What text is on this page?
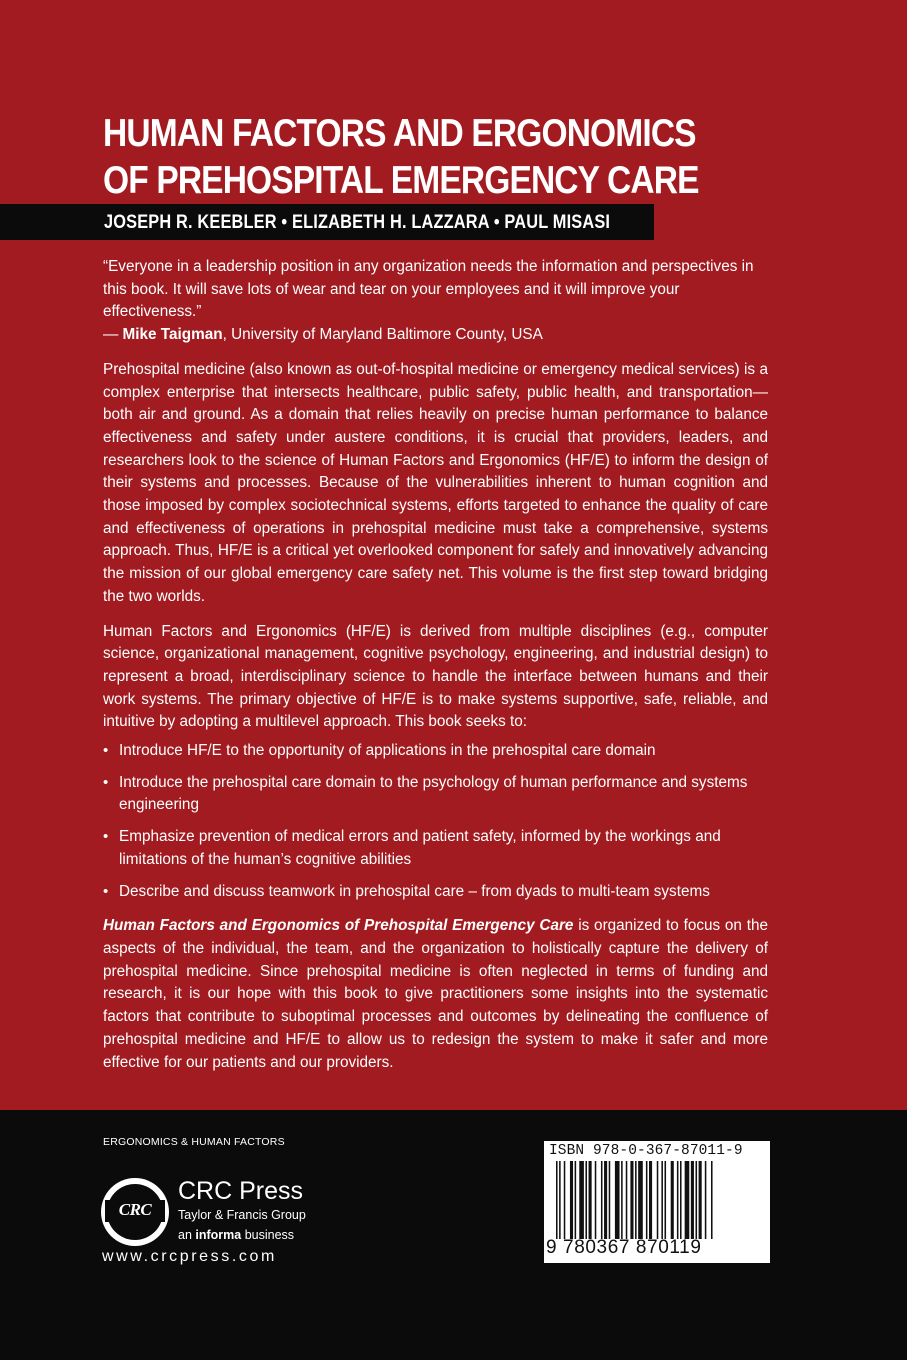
HUMAN FACTORS AND ERGONOMICS
OF PREHOSPITAL EMERGENCY CARE
JOSEPH R. KEEBLER • ELIZABETH H. LAZZARA • PAUL MISASI

“Everyone in a leadership position in any organization needs the information and perspectives in this book. It will save lots of wear and tear on your employees and it will improve your effectiveness.”

— Mike Taigman, University of Maryland Baltimore County, USA

Prehospital medicine (also known as out-of-hospital medicine or emergency medical services) is a complex enterprise that intersects healthcare, public safety, public health, and transportation—both air and ground. As a domain that relies heavily on precise human performance to balance effectiveness and safety under austere conditions, it is crucial that providers, leaders, and researchers look to the science of Human Factors and Ergonomics (HF/E) to inform the design of their systems and processes. Because of the vulnerabilities inherent to human cognition and those imposed by complex sociotechnical systems, efforts targeted to enhance the quality of care and effectiveness of operations in prehospital medicine must take a comprehensive, systems approach. Thus, HF/E is a critical yet overlooked component for safely and innovatively advancing the mission of our global emergency care safety net. This volume is the first step toward bridging the two worlds.

Human Factors and Ergonomics (HF/E) is derived from multiple disciplines (e.g., computer science, organizational management, cognitive psychology, engineering, and industrial design) to represent a broad, interdisciplinary science to handle the interface between humans and their work systems. The primary objective of HF/E is to make systems supportive, safe, reliable, and intuitive by adopting a multilevel approach. This book seeks to:

• Introduce HF/E to the opportunity of applications in the prehospital care domain
• Introduce the prehospital care domain to the psychology of human performance and systems engineering
• Emphasize prevention of medical errors and patient safety, informed by the workings and limitations of the human’s cognitive abilities
• Describe and discuss teamwork in prehospital care – from dyads to multi-team systems

Human Factors and Ergonomics of Prehospital Emergency Care is organized to focus on the aspects of the individual, the team, and the organization to holistically capture the delivery of prehospital medicine. Since prehospital medicine is often neglected in terms of funding and research, it is our hope with this book to give practitioners some insights into the systematic factors that contribute to suboptimal processes and outcomes by delineating the confluence of prehospital medicine and HF/E to allow us to redesign the system to make it safer and more effective for our patients and our providers.

ERGONOMICS & HUMAN FACTORS
CRC
CRC Press
Taylor & Francis Group
an informa business
www.crcpress.com
ISBN 978-0-367-87011-9
9 780367 870119
